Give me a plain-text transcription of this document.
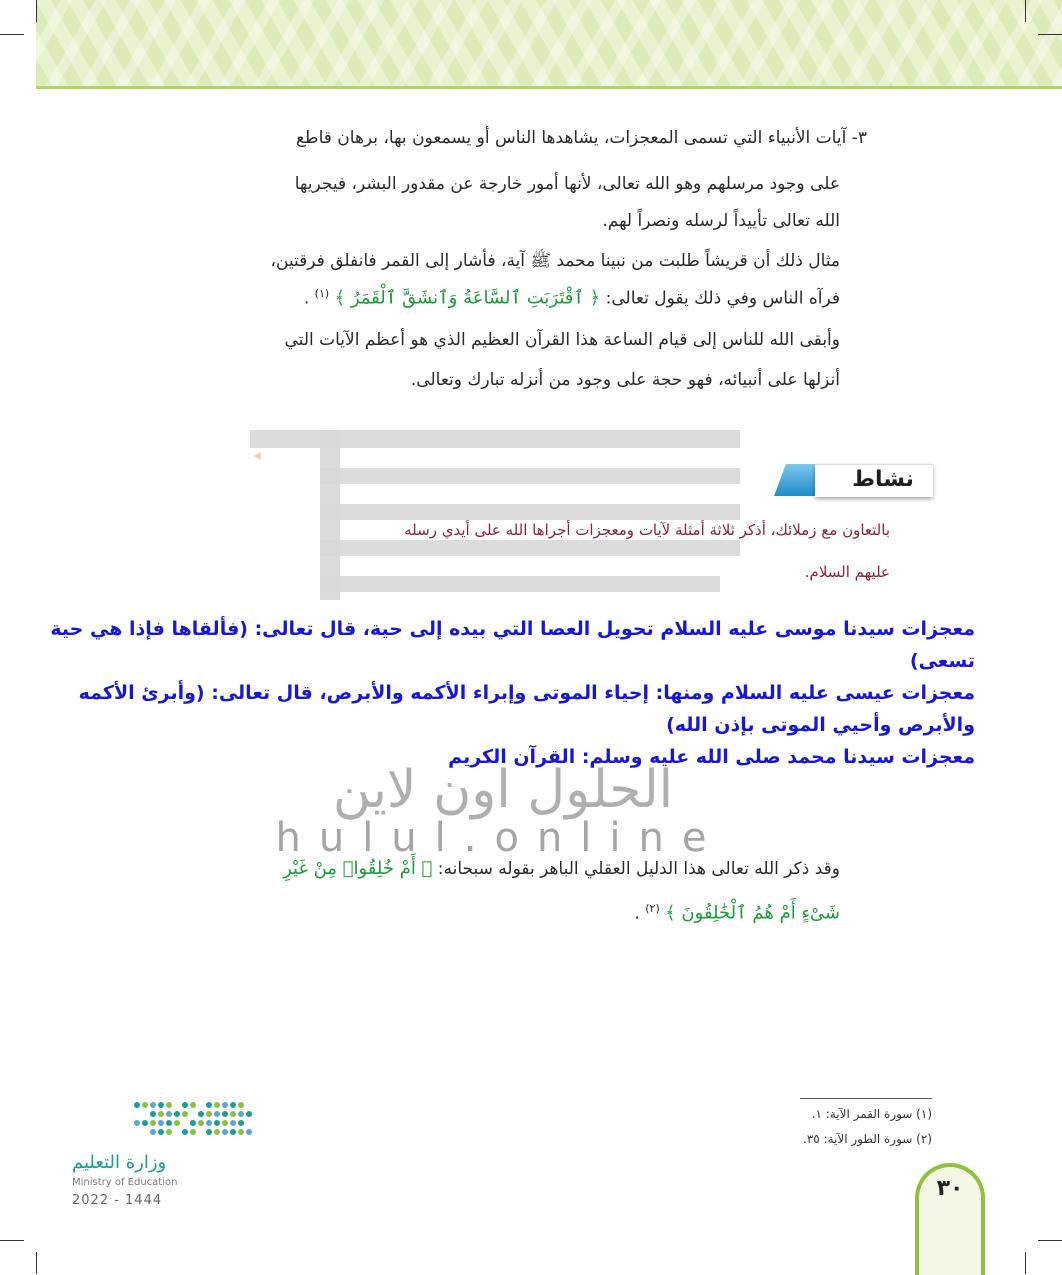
الحلول اون لاين
hulul.online
٣- آيات الأنبياء التي تسمى المعجزات، يشاهدها الناس أو يسمعون بها، برهان قاطع
على وجود مرسلهم وهو الله تعالى، لأنها أمور خارجة عن مقدور البشر، فيجريها
الله تعالى تأييداً لرسله ونصراً لهم.
مثال ذلك أن قريشاً طلبت من نبينا محمد ﷺ آية، فأشار إلى القمر فانفلق فرقتين،
فرآه الناس وفي ذلك يقول تعالى: ﴿ ٱقْتَرَبَتِ ٱلسَّاعَةُ وَٱنشَقَّ ٱلْقَمَرُ ﴾ $^{(١)}$ .
وأبقى الله للناس إلى قيام الساعة هذا القرآن العظيم الذي هو أعظم الآيات التي
أنزلها على أنبيائه، فهو حجة على وجود من أنزله تبارك وتعالى.
نشاط
بالتعاون مع زملائك، أذكر ثلاثة أمثلة لآيات ومعجزات أجراها الله على أيدي رسله
عليهم السلام.
معجزات سيدنا موسى عليه السلام تحويل العصا التي بيده إلى حية، قال تعالى: (فألقاها فإذا هي حية
تسعى)
معجزات عيسى عليه السلام ومنها: إحياء الموتى وإبراء الأكمه والأبرص، قال تعالى: (وأبرئ الأكمه
والأبرص وأحيي الموتى بإذن الله)
معجزات سيدنا محمد صلى الله عليه وسلم: القرآن الكريم
وقد ذكر الله تعالى هذا الدليل العقلي الباهر بقوله سبحانه: ﴿ أَمْ خُلِقُوا۟ مِنْ غَيْرِ
شَىْءٍ أَمْ هُمُ ٱلْخَٰلِقُونَ ﴾ $^{(٢)}$ .
(١) سورة القمر الآية: ١.
(٢) سورة الطور الآية: ٣٥.
٣٠
وزارة التعليم
Ministry of Education
2022 - 1444
